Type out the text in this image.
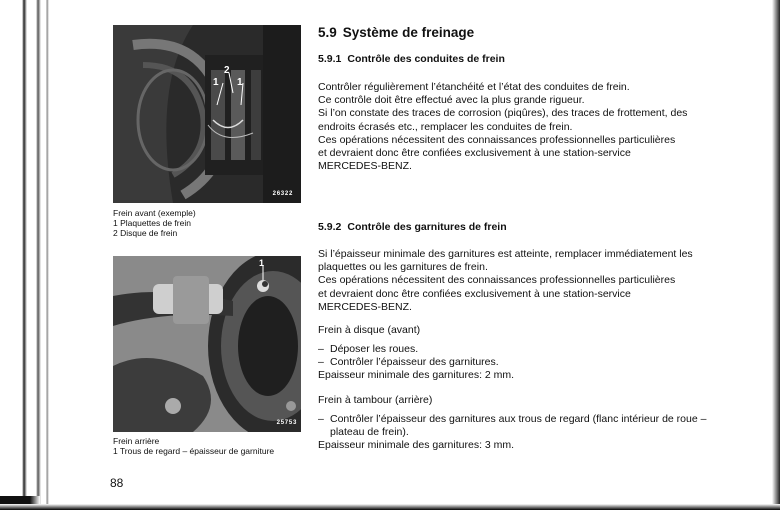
2
1 1
26322
Frein avant (exemple)
1 Plaquettes de frein
2 Disque de frein
1
25753
Frein arrière
1 Trous de regard – épaisseur de garniture
88
5.9 Système de freinage
5.9.1 Contrôle des conduites de frein

Contrôler régulièrement l’étanchéité et l’état des conduites de frein.

Ce contrôle doit être effectué avec la plus grande rigueur.

Si l’on constate des traces de corrosion (piqûres), des traces de frottement, des

endroits écrasés etc., remplacer les conduites de frein.

Ces opérations nécessitent des connaissances professionnelles particulières

et devraient donc être confiées exclusivement à une station-service

MERCEDES-BENZ.

5.9.2 Contrôle des garnitures de frein

Si l’épaisseur minimale des garnitures est atteinte, remplacer immédiatement les

plaquettes ou les garnitures de frein.

Ces opérations nécessitent des connaissances professionnelles particulières

et devraient donc être confiées exclusivement à une station-service

MERCEDES-BENZ.

Frein à disque (avant)

– Déposer les roues.
– Contrôler l’épaisseur des garnitures.

Epaisseur minimale des garnitures: 2 mm.

Frein à tambour (arrière)

– Contrôler l’épaisseur des garnitures aux trous de regard (flanc intérieur de roue – plateau de frein).

Epaisseur minimale des garnitures: 3 mm.
